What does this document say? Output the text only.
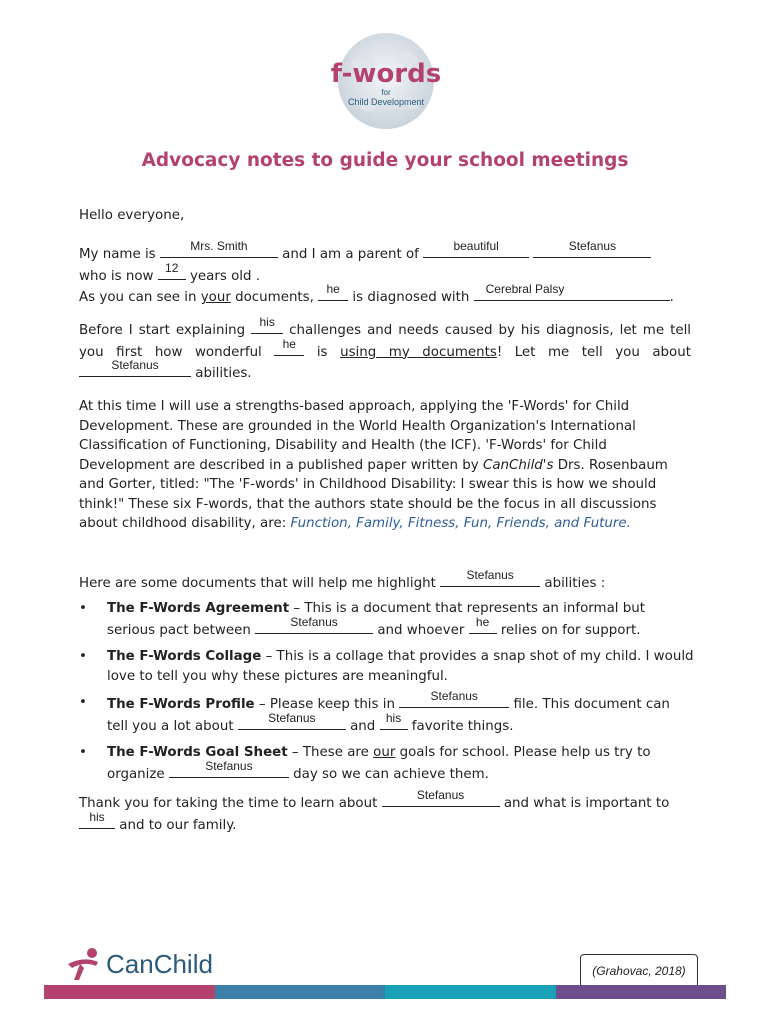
f-words
for
Child Development
Advocacy notes to guide your school meetings
Hello everyone,
My name is
Mrs. Smith
and I am a parent of
beautiful
	Stefanus

who is now
12
years old .
As you can see in your documents,
he
is diagnosed with
Cerebral Palsy
.
Before I start explaining
his
challenges and needs caused by his diagnosis, let me tell you first how wonderful
he
is using my documents! Let me tell you about
Stefanus
abilities.
At this time I will use a strengths-based approach, applying the 'F-Words' for Child Development. These are grounded in the World Health Organization's International Classification of Functioning, Disability and Health (the ICF). 'F-Words' for Child Development are described in a published paper written by CanChild's Drs. Rosenbaum and Gorter, titled: "The 'F-words' in Childhood Disability: I swear this is how we should think!" These six F-words, that the authors state should be the focus in all discussions about childhood disability, are: Function, Family, Fitness, Fun, Friends, and Future.
Here are some documents that will help me highlight
Stefanus
abilities :
• The F-Words Agreement – This is a document that represents an informal but serious pact between
Stefanus
and whoever
he
relies on for support.
• The F-Words Collage – This is a collage that provides a snap shot of my child. I would love to tell you why these pictures are meaningful.
• The F-Words Profile – Please keep this in
Stefanus
file. This document can tell you a lot about
Stefanus
and
his
favorite things.
• The F-Words Goal Sheet – These are our goals for school. Please help us try to organize
Stefanus
day so we can achieve them.
Thank you for taking the time to learn about
Stefanus
and what is important to
his
and to our family.
CanChild	(Grahovac, 2018)
